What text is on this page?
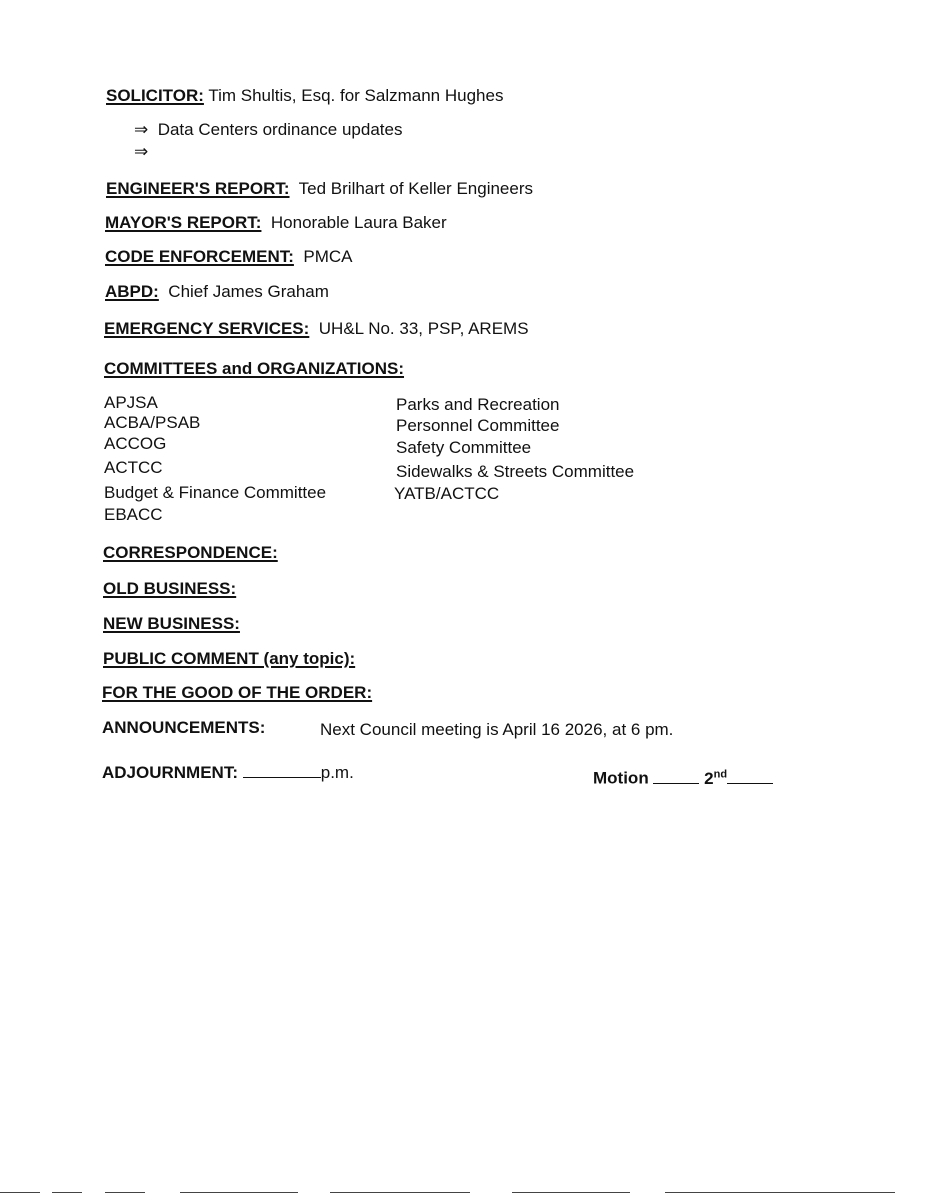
SOLICITOR: Tim Shultis, Esq. for Salzmann Hughes
⇒ Data Centers ordinance updates
⇒
ENGINEER'S REPORT: Ted Brilhart of Keller Engineers
MAYOR'S REPORT: Honorable Laura Baker
CODE ENFORCEMENT: PMCA
ABPD: Chief James Graham
EMERGENCY SERVICES: UH&L No. 33, PSP, AREMS
COMMITTEES and ORGANIZATIONS:
APJSA
ACBA/PSAB
ACCOG
ACTCC
Budget & Finance Committee
EBACC
Parks and Recreation
Personnel Committee
Safety Committee
Sidewalks & Streets Committee
YATB/ACTCC
CORRESPONDENCE:
OLD BUSINESS:
NEW BUSINESS:
PUBLIC COMMENT (any topic):
FOR THE GOOD OF THE ORDER:
ANNOUNCEMENTS:	Next Council meeting is April 16 2026, at 6 pm.
ADJOURNMENT:	p.m.	Motion	2nd
